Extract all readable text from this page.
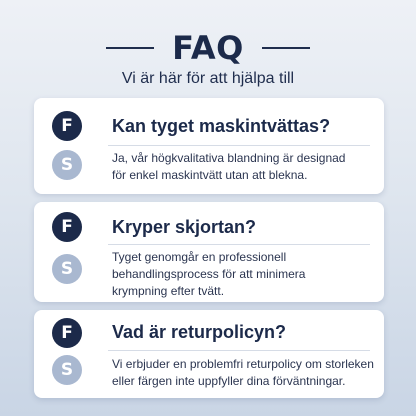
FAQ
Vi är här för att hjälpa till
F	Kan tyget maskintvättas?
S	Ja, vår högkvalitativa blandning är designad
för enkel maskintvätt utan att blekna.
F	Kryper skjortan?
S
Tyget genomgår en professionell
behandlingsprocess för att minimera
krympning efter tvätt.
F	Vad är returpolicyn?
S	Vi erbjuder en problemfri returpolicy om storleken
eller färgen inte uppfyller dina förväntningar.
